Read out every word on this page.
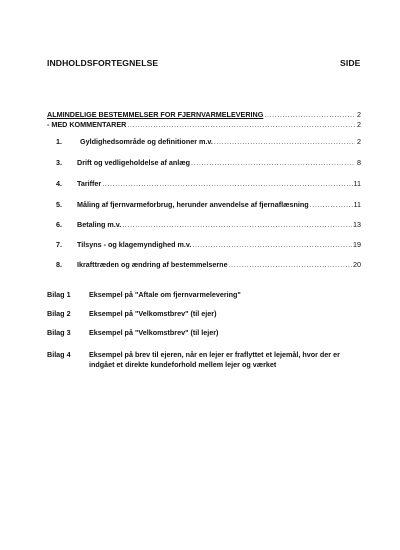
INDHOLDSFORTEGNELSE	SIDE
ALMINDELIGE BESTEMMELSER FOR FJERNVARMELEVERING .....	2
- MED KOMMENTARER .....	2
1.	Gyldighedsområde og definitioner m.v. .....	2
3.	Drift og vedligeholdelse af anlæg .....	8
4.	Tariffer .....	11
5.	Måling af fjernvarmeforbrug, herunder anvendelse af fjernaflæsning .....	11
6.	Betaling m.v. .....	13
7.	Tilsyns - og klagemyndighed m.v. .....	19
8.	Ikrafttræden og ændring af bestemmelserne .....	20
Bilag 1	Eksempel på "Aftale om fjernvarmelevering"
Bilag 2	Eksempel på "Velkomstbrev" (til ejer)
Bilag 3	Eksempel på "Velkomstbrev" (til lejer)
Bilag 4	Eksempel på brev til ejeren, når en lejer er fraflyttet et lejemål, hvor der er indgået et direkte kundeforhold mellem lejer og værket
